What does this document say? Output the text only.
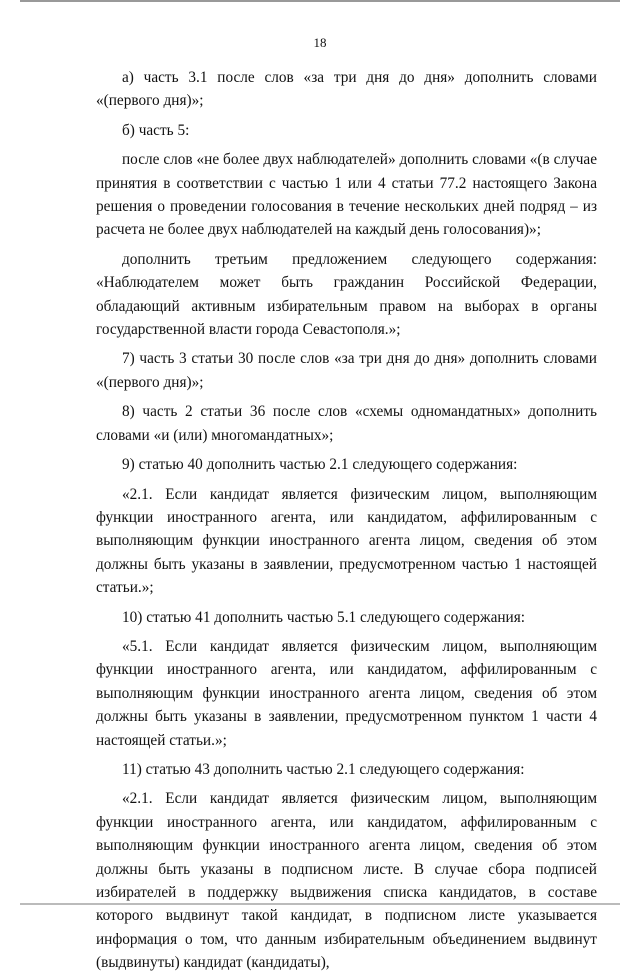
18

а) часть 3.1 после слов «за три дня до дня» дополнить словами «(первого дня)»;

б) часть 5:

после слов «не более двух наблюдателей» дополнить словами «(в случае принятия в соответствии с частью 1 или 4 статьи 77.2 настоящего Закона решения о проведении голосования в течение нескольких дней подряд – из расчета не более двух наблюдателей на каждый день голосования)»;

дополнить третьим предложением следующего содержания: «Наблюдателем может быть гражданин Российской Федерации, обладающий активным избирательным правом на выборах в органы государственной власти города Севастополя.»;

7) часть 3 статьи 30 после слов «за три дня до дня» дополнить словами «(первого дня)»;

8) часть 2 статьи 36 после слов «схемы одномандатных» дополнить словами «и (или) многомандатных»;

9) статью 40 дополнить частью 2.1 следующего содержания:

«2.1. Если кандидат является физическим лицом, выполняющим функции иностранного агента, или кандидатом, аффилированным с выполняющим функции иностранного агента лицом, сведения об этом должны быть указаны в заявлении, предусмотренном частью 1 настоящей статьи.»;

10) статью 41 дополнить частью 5.1 следующего содержания:

«5.1. Если кандидат является физическим лицом, выполняющим функции иностранного агента, или кандидатом, аффилированным с выполняющим функции иностранного агента лицом, сведения об этом должны быть указаны в заявлении, предусмотренном пунктом 1 части 4 настоящей статьи.»;

11) статью 43 дополнить частью 2.1 следующего содержания:

«2.1. Если кандидат является физическим лицом, выполняющим функции иностранного агента, или кандидатом, аффилированным с выполняющим функции иностранного агента лицом, сведения об этом должны быть указаны в подписном листе. В случае сбора подписей избирателей в поддержку выдвижения списка кандидатов, в составе которого выдвинут такой кандидат, в подписном листе указывается информация о том, что данным избирательным объединением выдвинут (выдвинуты) кандидат (кандидаты),
